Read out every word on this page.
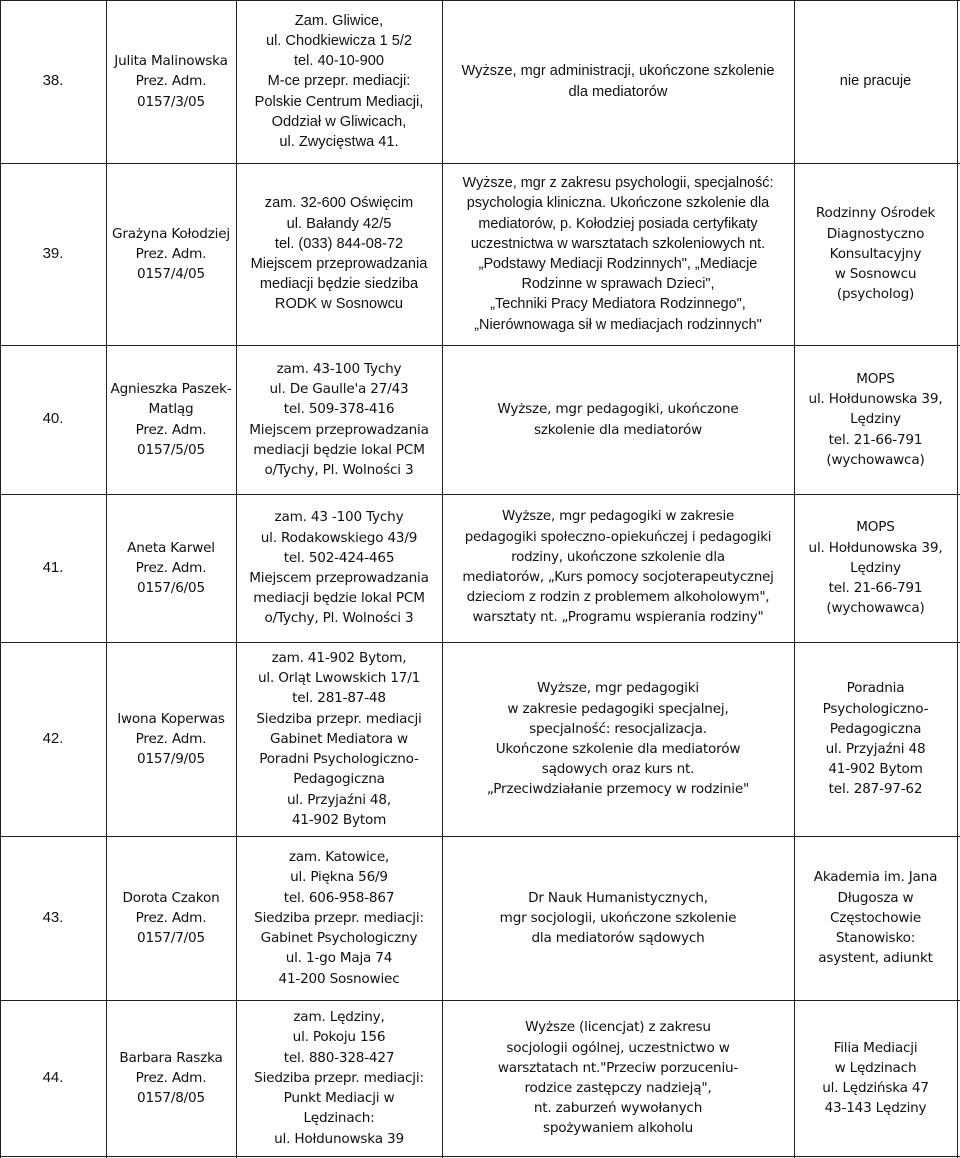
38.
Julita Malinowska
Prez. Adm.
0157/3/05
Zam. Gliwice,
ul. Chodkiewicza 1 5/2
tel. 40-10-900
M-ce przepr. mediacji:
Polskie Centrum Mediacji,
Oddział w Gliwicach,
ul. Zwycięstwa 41.
Wyższe, mgr administracji, ukończone szkolenie
dla mediatorów
nie pracuje
39.
Grażyna Kołodziej
Prez. Adm.
0157/4/05
zam. 32-600 Oświęcim
ul. Bałandy 42/5
tel. (033) 844-08-72
Miejscem przeprowadzania
mediacji będzie siedziba
RODK w Sosnowcu
Wyższe, mgr z zakresu psychologii, specjalność:
psychologia kliniczna. Ukończone szkolenie dla
mediatorów, p. Kołodziej posiada certyfikaty
uczestnictwa w warsztatach szkoleniowych nt.
„Podstawy Mediacji Rodzinnych", „Mediacje
Rodzinne w sprawach Dzieci",
„Techniki Pracy Mediatora Rodzinnego",
„Nierównowaga sił w mediacjach rodzinnych"
Rodzinny Ośrodek
Diagnostyczno
Konsultacyjny
w Sosnowcu
(psycholog)
40.
Agnieszka Paszek-
Matląg
Prez. Adm.
0157/5/05
zam. 43-100 Tychy
ul. De Gaulle'a 27/43
tel. 509-378-416
Miejscem przeprowadzania
mediacji będzie lokal PCM
o/Tychy, Pl. Wolności 3
Wyższe, mgr pedagogiki, ukończone
szkolenie dla mediatorów
MOPS
ul. Hołdunowska 39,
Lędziny
tel. 21-66-791
(wychowawca)
41.
Aneta Karwel
Prez. Adm.
0157/6/05
zam. 43 -100 Tychy
ul. Rodakowskiego 43/9
tel. 502-424-465
Miejscem przeprowadzania
mediacji będzie lokal PCM
o/Tychy, Pl. Wolności 3
Wyższe, mgr pedagogiki w zakresie
pedagogiki społeczno-opiekuńczej i pedagogiki
rodziny, ukończone szkolenie dla
mediatorów, „Kurs pomocy socjoterapeutycznej
dzieciom z rodzin z problemem alkoholowym",
warsztaty nt. „Programu wspierania rodziny"
MOPS
ul. Hołdunowska 39,
Lędziny
tel. 21-66-791
(wychowawca)
42.
Iwona Koperwas
Prez. Adm.
0157/9/05
zam. 41-902 Bytom,
ul. Orląt Lwowskich 17/1
tel. 281-87-48
Siedziba przepr. mediacji
Gabinet Mediatora w
Poradni Psychologiczno-
Pedagogiczna
ul. Przyjaźni 48,
41-902 Bytom
Wyższe, mgr pedagogiki
w zakresie pedagogiki specjalnej,
specjalność: resocjalizacja.
Ukończone szkolenie dla mediatorów
sądowych oraz kurs nt.
„Przeciwdziałanie przemocy w rodzinie"
Poradnia
Psychologiczno-
Pedagogiczna
ul. Przyjaźni 48
41-902 Bytom
tel. 287-97-62
43.
Dorota Czakon
Prez. Adm.
0157/7/05
zam. Katowice,
ul. Piękna 56/9
tel. 606-958-867
Siedziba przepr. mediacji:
Gabinet Psychologiczny
ul. 1-go Maja 74
41-200 Sosnowiec
Dr Nauk Humanistycznych,
mgr socjologii, ukończone szkolenie
dla mediatorów sądowych
Akademia im. Jana
Długosza w
Częstochowie
Stanowisko:
asystent, adiunkt
44.
Barbara Raszka
Prez. Adm.
0157/8/05
zam. Lędziny,
ul. Pokoju 156
tel. 880-328-427
Siedziba przepr. mediacji:
Punkt Mediacji w
Lędzinach:
ul. Hołdunowska 39
Wyższe (licencjat) z zakresu
socjologii ogólnej, uczestnictwo w
warsztatach nt."Przeciw porzuceniu-
rodzice zastępczy nadzieją",
nt. zaburzeń wywołanych
spożywaniem alkoholu
Filia Mediacji
w Lędzinach
ul. Lędzińska 47
43-143 Lędziny
